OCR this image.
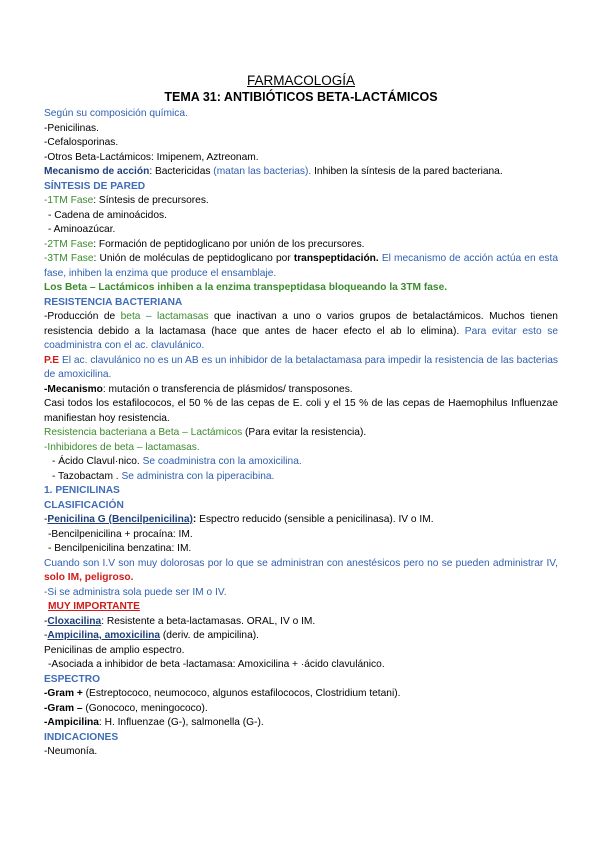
FARMACOLOGÍA
TEMA 31: ANTIBIÓTICOS BETA-LACTÁMICOS
Según su composición química.
-Penicilinas.
-Cefalosporinas.
-Otros Beta-Lactámicos: Imipenem, Aztreonam.
Mecanismo de acción: Bactericidas (matan las bacterias). Inhiben la síntesis de la pared bacteriana.
SÍNTESIS DE PARED
-1TM Fase: Síntesis de precursores.
- Cadena de aminoácidos.
- Aminoazúcar.
-2TM Fase: Formación de peptidoglicano por unión de los precursores.
-3TM Fase: Unión de moléculas de peptidoglicano por transpeptidación. El mecanismo de acción actúa en esta fase, inhiben la enzima que produce el ensamblaje.
Los Beta – Lactámicos inhiben a la enzima transpeptidasa bloqueando la 3TM fase.
RESISTENCIA BACTERIANA
-Producción de beta – lactamasas que inactivan a uno o varios grupos de betalactámicos. Muchos tienen resistencia debido a la lactamasa (hace que antes de hacer efecto el ab lo elimina). Para evitar esto se coadministra con el ac. clavulánico.
P.E El ac. clavulánico no es un AB es un inhibidor de la betalactamasa para impedir la resistencia de las bacterias de amoxicilina.
-Mecanismo: mutación o transferencia de plásmidos/ transposones.
Casi todos los estafilococos, el 50 % de las cepas de E. coli y el 15 % de las cepas de Haemophilus Influenzae manifiestan hoy resistencia.
Resistencia bacteriana a Beta – Lactámicos (Para evitar la resistencia).
-Inhibidores de beta – lactamasas.
- Ácido Clavul·nico. Se coadministra con la amoxicilina.
- Tazobactam . Se administra con la piperacibina.
1. PENICILINAS
CLASIFICACIÓN
-Penicilina G (Bencilpenicilina): Espectro reducido (sensible a penicilinasa). IV o IM.
-Bencilpenicilina + procaína: IM.
- Bencilpenicilina benzatina: IM.
Cuando son I.V son muy dolorosas por lo que se administran con anestésicos pero no se pueden administrar IV, solo IM, peligroso.
-Si se administra sola puede ser IM o IV.
MUY IMPORTANTE
-Cloxacilina: Resistente a beta-lactamasas. ORAL, IV o IM.
-Ampicilina, amoxicilina (deriv. de ampicilina).
Penicilinas de amplio espectro.
-Asociada a inhibidor de beta -lactamasa: Amoxicilina + ·ácido clavulánico.
ESPECTRO
-Gram + (Estreptococo, neumococo, algunos estafilococos, Clostridium tetani).
-Gram – (Gonococo, meningococo).
-Ampicilina: H. Influenzae (G-), salmonella (G-).
INDICACIONES
-Neumonía.
